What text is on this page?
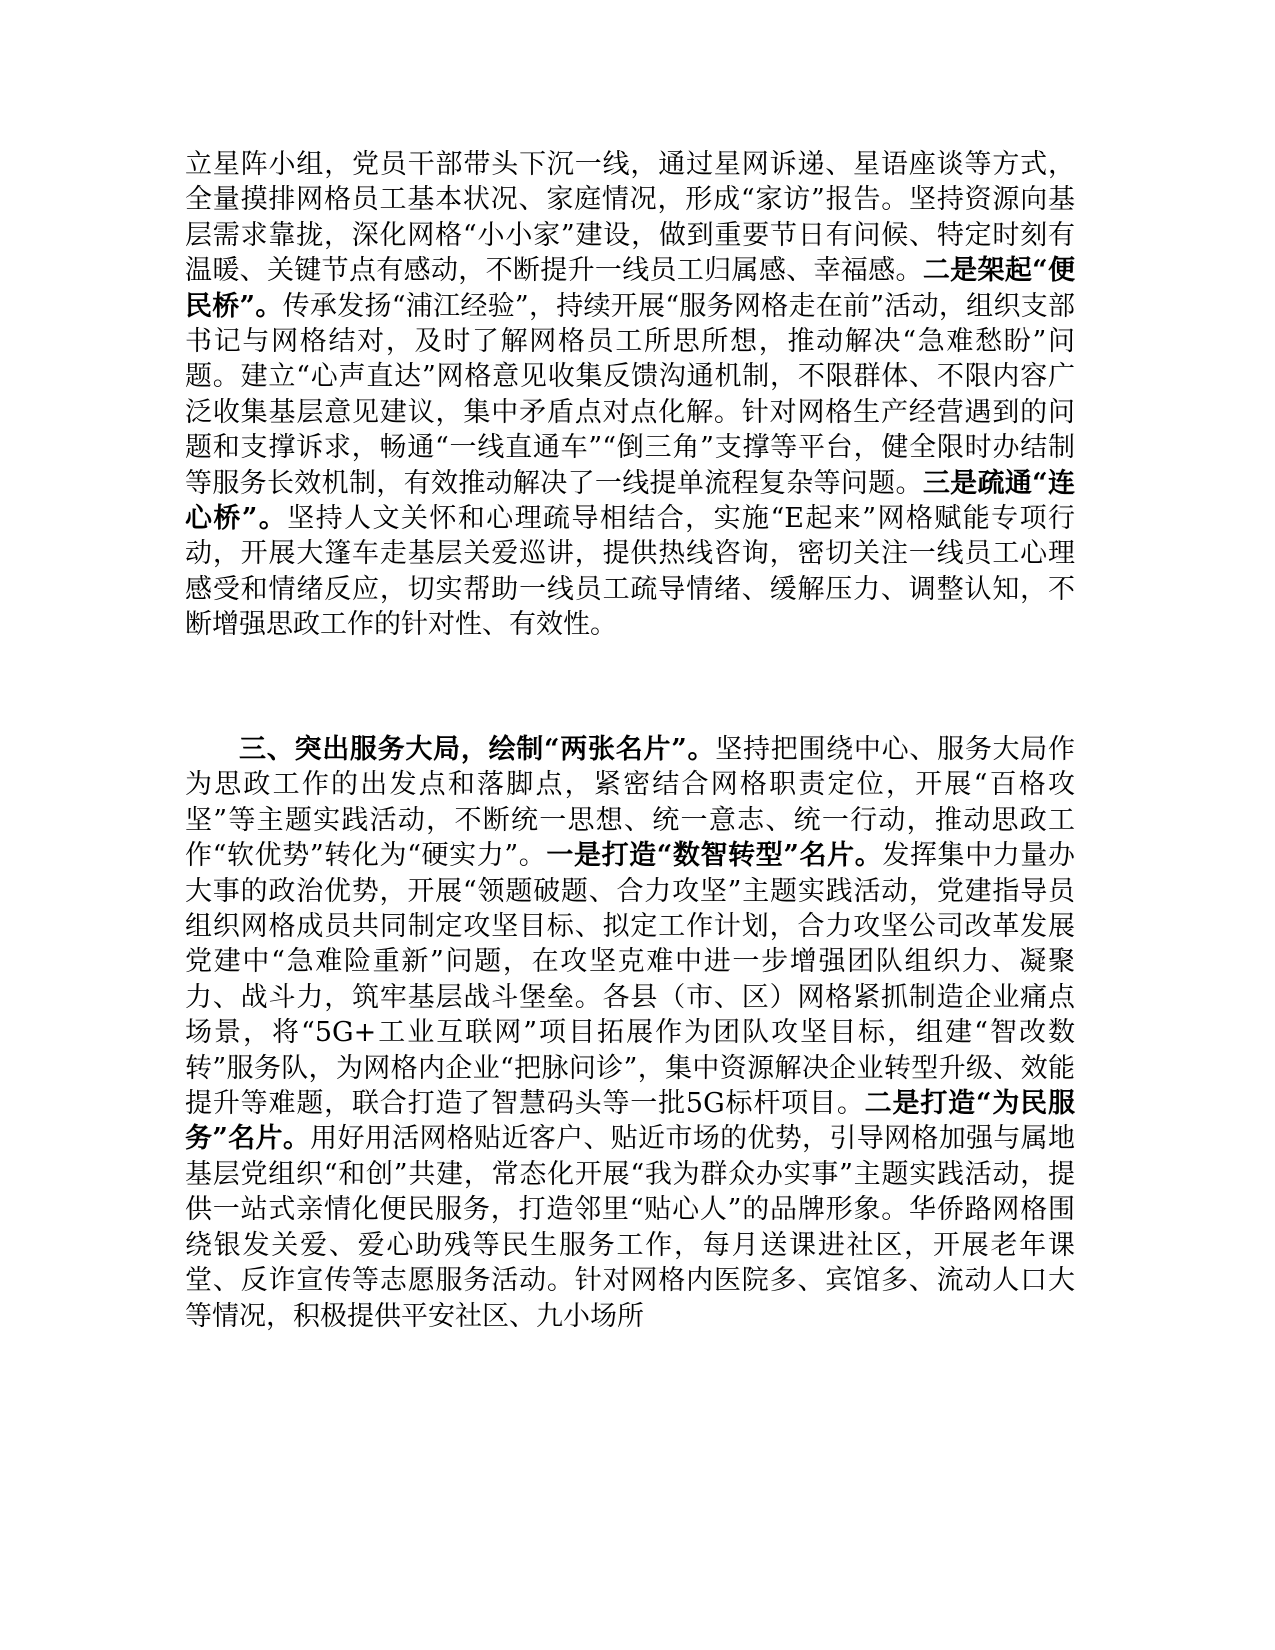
立星阵小组，党员干部带头下沉一线，通过星网诉递、星语座谈等方式，全量摸排网格员工基本状况、家庭情况，形成“家访”报告。坚持资源向基层需求靠拢，深化网格“小小家”建设，做到重要节日有问候、特定时刻有温暖、关键节点有感动，不断提升一线员工归属感、幸福感。二是架起“便民桥”。传承发扬“浦江经验”，持续开展“服务网格走在前”活动，组织支部书记与网格结对，及时了解网格员工所思所想，推动解决“急难愁盼”问题。建立“心声直达”网格意见收集反馈沟通机制，不限群体、不限内容广泛收集基层意见建议，集中矛盾点对点化解。针对网格生产经营遇到的问题和支撑诉求，畅通“一线直通车”“倒三角”支撑等平台，健全限时办结制等服务长效机制，有效推动解决了一线提单流程复杂等问题。三是疏通“连心桥”。坚持人文关怀和心理疏导相结合，实施“E起来”网格赋能专项行动，开展大篷车走基层关爱巡讲，提供热线咨询，密切关注一线员工心理感受和情绪反应，切实帮助一线员工疏导情绪、缓解压力、调整认知，不断增强思政工作的针对性、有效性。

三、突出服务大局，绘制“两张名片”。坚持把围绕中心、服务大局作为思政工作的出发点和落脚点，紧密结合网格职责定位，开展“百格攻坚”等主题实践活动，不断统一思想、统一意志、统一行动，推动思政工作“软优势”转化为“硬实力”。一是打造“数智转型”名片。发挥集中力量办大事的政治优势，开展“领题破题、合力攻坚”主题实践活动，党建指导员组织网格成员共同制定攻坚目标、拟定工作计划，合力攻坚公司改革发展党建中“急难险重新”问题，在攻坚克难中进一步增强团队组织力、凝聚力、战斗力，筑牢基层战斗堡垒。各县（市、区）网格紧抓制造企业痛点场景，将“5G+工业互联网”项目拓展作为团队攻坚目标，组建“智改数转”服务队，为网格内企业“把脉问诊”，集中资源解决企业转型升级、效能提升等难题，联合打造了智慧码头等一批5G标杆项目。二是打造“为民服务”名片。用好用活网格贴近客户、贴近市场的优势，引导网格加强与属地基层党组织“和创”共建，常态化开展“我为群众办实事”主题实践活动，提供一站式亲情化便民服务，打造邻里“贴心人”的品牌形象。华侨路网格围绕银发关爱、爱心助残等民生服务工作，每月送课进社区，开展老年课堂、反诈宣传等志愿服务活动。针对网格内医院多、宾馆多、流动人口大等情况，积极提供平安社区、九小场所
